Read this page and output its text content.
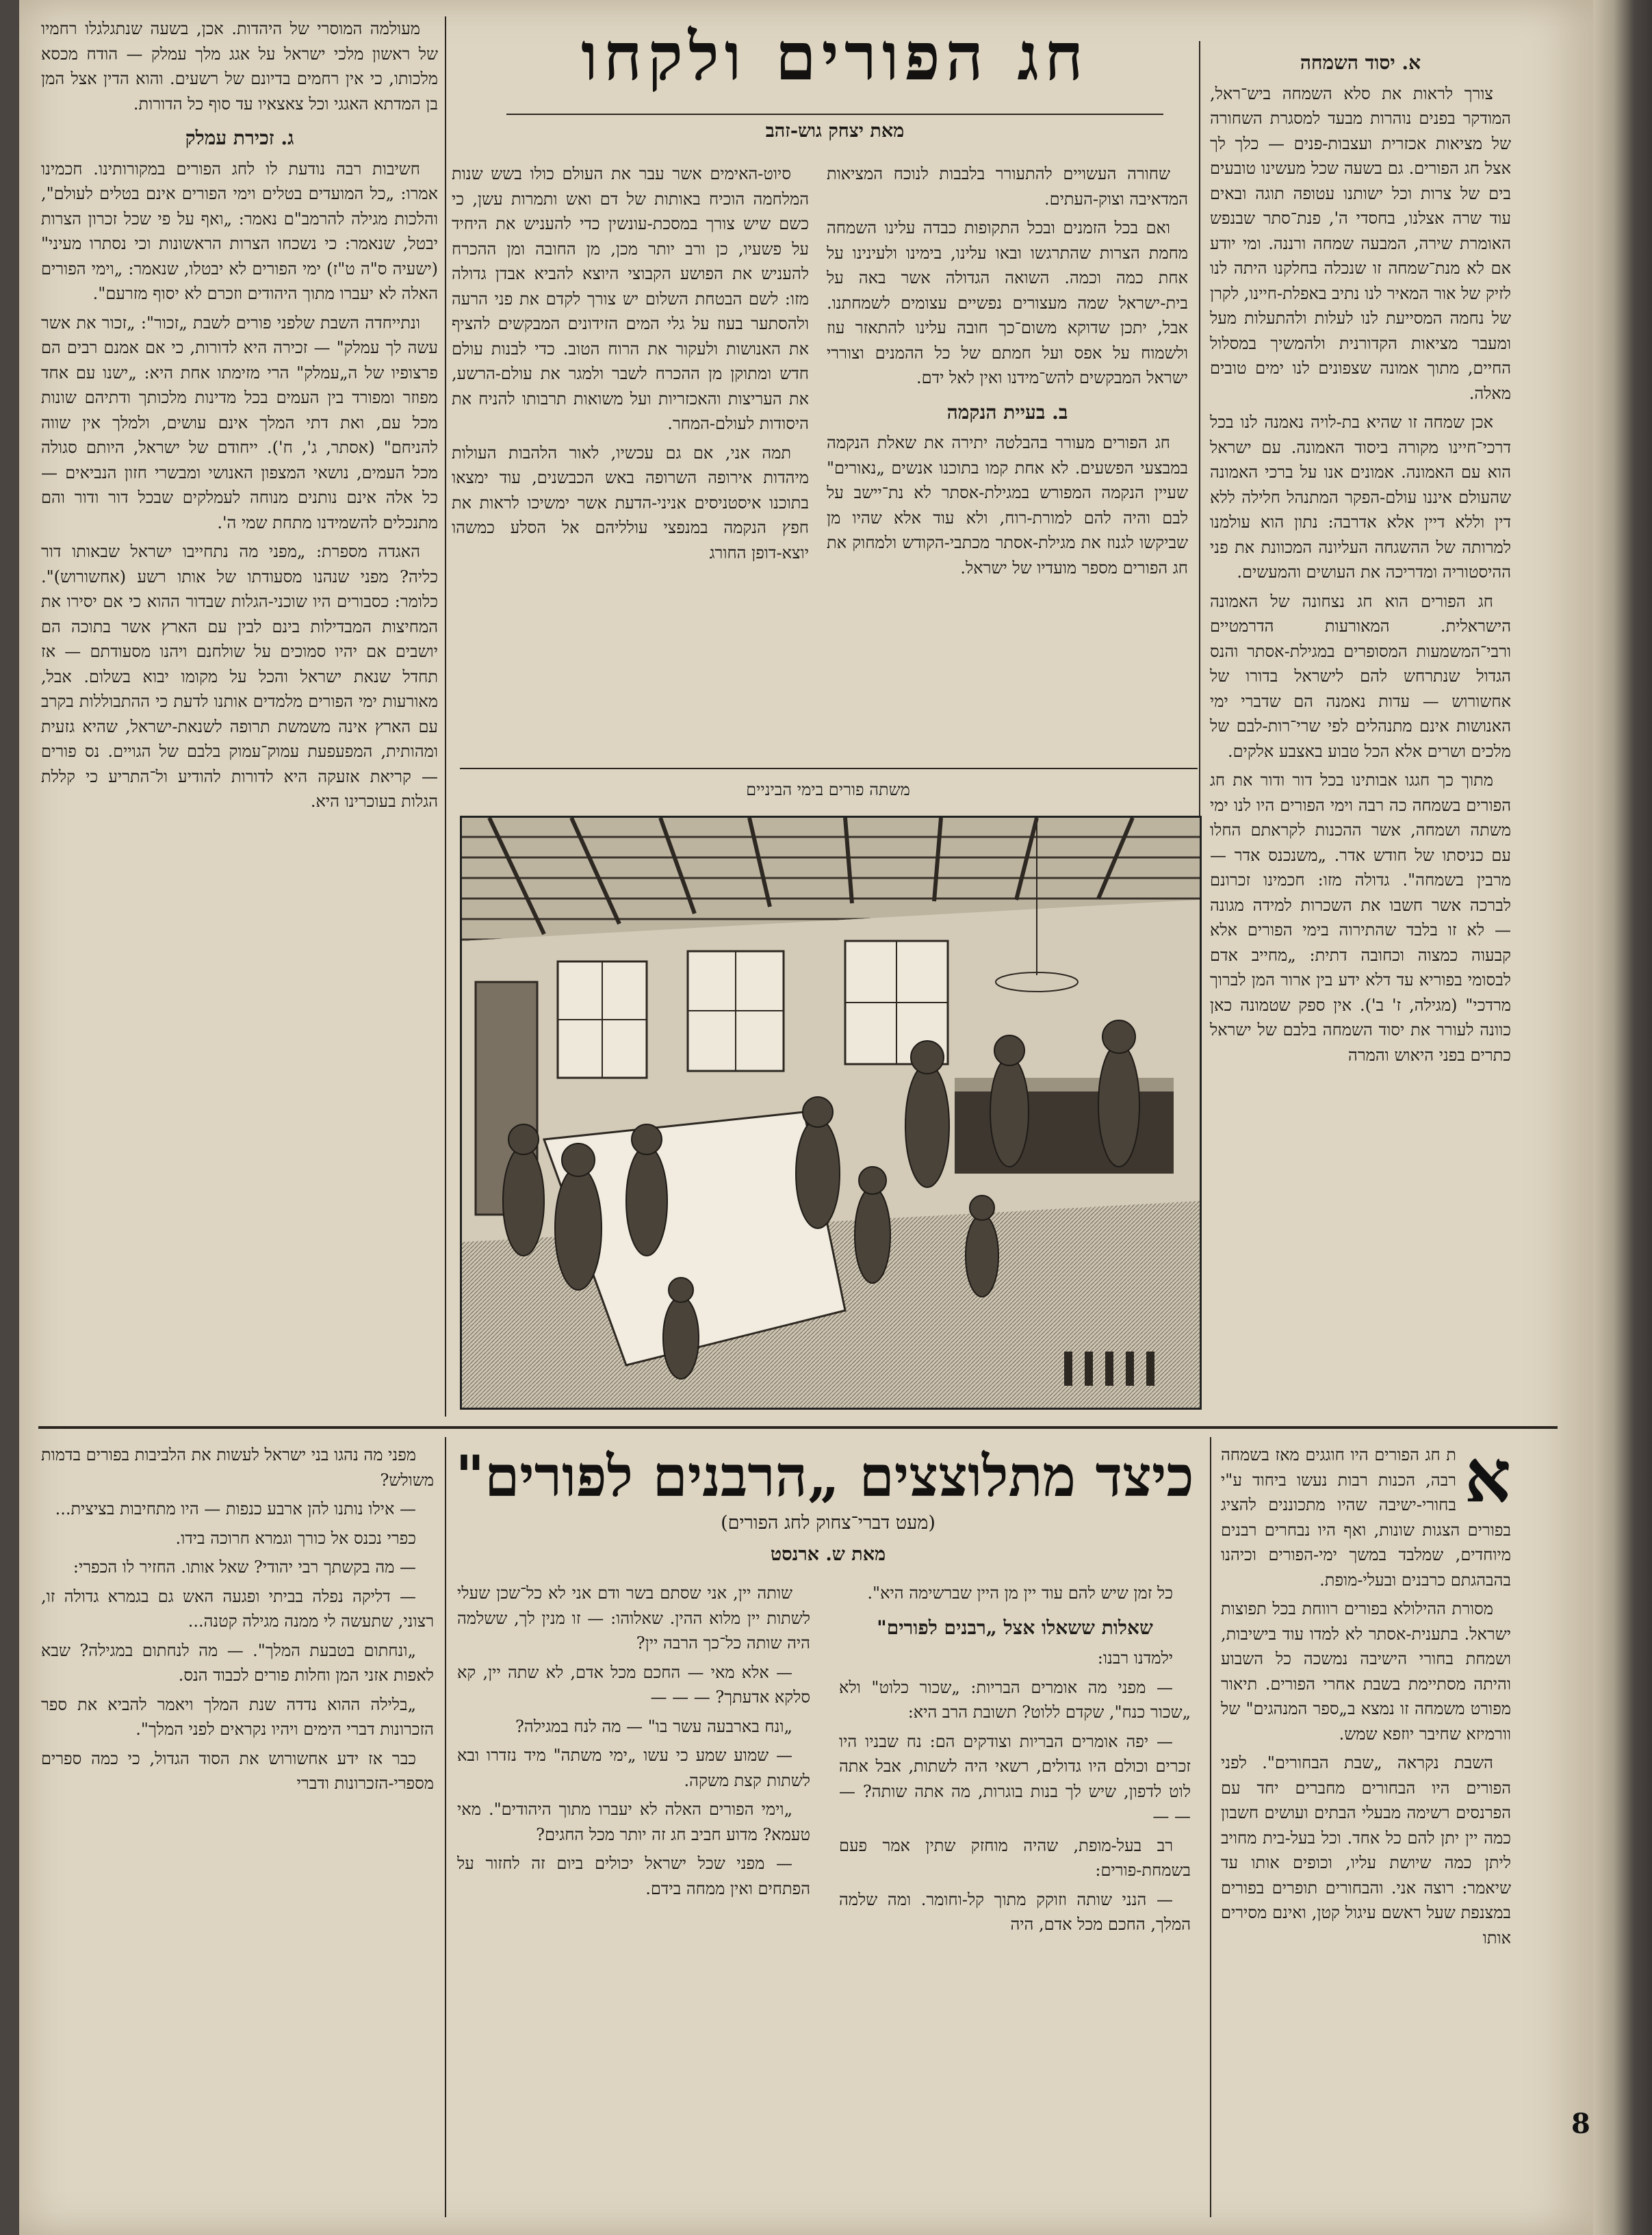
חג הפורים ולקחו
מאת יצחק גוש-זהב
א. יסוד השמחה

צורך לראות את סלא השמחה ביש־ראל, המודקר בפנים נוהרות מבעד למסגרת השחורה של מציאות אכזרית ועצבות-פנים — כלך לך אצל חג הפורים. גם בשעה שכל מעשינו טובעים בים של צרות וכל ישותנו עטופה תוגה ובאים עוד שרה אצלנו, בחסדי ה', פנת־סתר שבנפש האומרת שירה, המבעה שמחה ורננה. ומי יודע אם לא מנת־שמחה זו שנכלה בחלקנו היתה לנו לזיק של אור המאיר לנו נתיב באפלת-חיינו, לקרן של נחמה המסייעת לנו לעלות ולהתעלות מעל ומעבר מציאות הקדורנית ולהמשיך במסלול החיים, מתוך אמונה שצפונים לנו ימים טובים מאלה.

אכן שמחה זו שהיא בת-לויה נאמנה לנו בכל דרכי־חיינו מקורה ביסוד האמונה. עם ישראל הוא עם האמונה. אמונים אנו על ברכי האמונה שהעולם איננו עולם-הפקר המתנהל חלילה ללא דין וללא דיין אלא אדרבה: נתון הוא עולמנו למרותה של ההשגחה העליונה המכוונת את פני ההיסטוריה ומדריכה את העושים והמעשים.

חג הפורים הוא חג נצחונה של האמונה הישראלית. המאורעות הדרמטיים ורבי־המשמעות המסופרים במגילת-אסתר והנס הגדול שנתרחש להם לישראל בדורו של אחשורוש — עדות נאמנה הם שדברי ימי האנושות אינם מתנהלים לפי שרי־רות-לבם של מלכים ושרים אלא הכל טבוע באצבע אלקים.

מתוך כך חגגו אבותינו בכל דור ודור את חג הפורים בשמחה כה רבה וימי הפורים היו לנו ימי משתה ושמחה, אשר ההכנות לקראתם החלו עם כניסתו של חודש אדר. „משנכנס אדר — מרבין בשמחה". גדולה מזו: חכמינו זכרונם לברכה אשר חשבו את השכרות למידה מגונה — לא זו בלבד שהתירוה בימי הפורים אלא קבעוה כמצוה וכחובה דתית: „מחייב אדם לבסומי בפוריא עד דלא ידע בין ארור המן לברוך מרדכי" (מגילה, ז' ב'). אין ספק שטמונה כאן כוונה לעורר את יסוד השמחה בלבם של ישראל כתרים בפני היאוש והמרה

שחורה העשויים להתעורר בלבבות לנוכח המציאות המדאיבה וצוק-העתים.

ואם בכל הזמנים ובכל התקופות כבדה עלינו השמחה מחמת הצרות שהתרגשו ובאו עלינו, בימינו ולעינינו על אחת כמה וכמה. השואה הגדולה אשר באה על בית-ישראל שמה מעצורים נפשיים עצומים לשמחתנו. אבל, יתכן שדוקא משום־כך חובה עלינו להתאזר עוז ולשמוח על אפס ועל חמתם של כל ההמנים וצוררי ישראל המבקשים להש־מידנו ואין לאל ידם.

ב. בעיית הנקמה

חג הפורים מעורר בהבלטה יתירה את שאלת הנקמה במבצעי הפשעים. לא אחת קמו בתוכנו אנשים „נאורים" שעיין הנקמה המפורש במגילת-אסתר לא נת־יישב על לבם והיה להם למורת-רוח, ולא עוד אלא שהיו מן שביקשו לגנוז את מגילת-אסתר מכתבי-הקודש ולמחוק את חג הפורים מספר מועדיו של ישראל.

סיוט-האימים אשר עבר את העולם כולו בשש שנות המלחמה הוכיח באותות של דם ואש ותמרות עשן, כי כשם שיש צורך במסכת-עונשין כדי להעניש את היחיד על פשעיו, כן ורב יותר מכן, מן החובה ומן ההכרח להעניש את הפושע הקבוצי היוצא להביא אבדן גדולה מזו: לשם הבטחת השלום יש צורך לקדם את פני הרעה ולהסתער בעוז על גלי המים הזידונים המבקשים להציף את האנושות ולעקור את הרוח הטוב. כדי לבנות עולם חדש ומתוקן מן ההכרח לשבר ולמגר את עולם-הרשע, את העריצות והאכזריות ועל משואות תרבותו להניח את היסודות לעולם-המחר.

תמה אני, אם גם עכשיו, לאור הלהבות העולות מיהדות אירופה השרופה באש הכבשנים, עוד ימצאו בתוכנו איסטניסים אניני-הדעת אשר ימשיכו לראות את חפץ הנקמה במנפצי עולליהם אל הסלע כמשהו יוצא-דופן החורג

מעולמה המוסרי של היהדות. אכן, בשעה שנתגלגלו רחמיו של ראשון מלכי ישראל על אגג מלך עמלק — הודח מכסא מלכותו, כי אין רחמים בדיונם של רשעים. והוא הדין אצל המן בן המדתא האגגי וכל צאצאיו עד סוף כל הדורות.

ג. זכירת עמלק

חשיבות רבה נודעת לו לחג הפורים במקורותינו. חכמינו אמרו: „כל המועדים בטלים וימי הפורים אינם בטלים לעולם", והלכות מגילה להרמב"ם נאמר: „ואף על פי שכל זכרון הצרות יבטל, שנאמר: כי נשכחו הצרות הראשונות וכי נסתרו מעיני" (ישעיה ס"ה ט"ז) ימי הפורים לא יבטלו, שנאמר: „וימי הפורים האלה לא יעברו מתוך היהודים וזכרם לא יסוף מזרעם".

ונתייחדה השבת שלפני פורים לשבת „זכור": „זכור את אשר עשה לך עמלק" — זכירה היא לדורות, כי אם אמנם רבים הם פרצופיו של ה„עמלק" הרי מזימתו אחת היא: „ישנו עם אחד מפוזר ומפורד בין העמים בכל מדינות מלכותך ודתיהם שונות מכל עם, ואת דתי המלך אינם עושים, ולמלך אין שווה להניחם" (אסתר, ג', ח'). ייחודם של ישראל, היותם סגולה מכל העמים, נושאי המצפון האנושי ומבשרי חזון הנביאים — כל אלה אינם נותנים מנוחה לעמלקים שבכל דור ודור והם מתנכלים להשמידנו מתחת שמי ה'.

האגדה מספרת: „מפני מה נתחייבו ישראל שבאותו דור כליה? מפני שנהנו מסעודתו של אותו רשע (אחשורוש)". כלומר: כסבורים היו שוכני-הגלות שבדור ההוא כי אם יסירו את המחיצות המבדילות בינם לבין עם הארץ אשר בתוכה הם יושבים אם יהיו סמוכים על שולחנם ויהנו מסעודתם — אז תחדל שנאת ישראל והכל על מקומו יבוא בשלום. אבל, מאורעות ימי הפורים מלמדים אותנו לדעת כי ההתבוללות בקרב עם הארץ אינה משמשת תרופה לשנאת-ישראל, שהיא גזעית ומהותית, המפעפעת עמוק־עמוק בלבם של הגויים. נס פורים — קריאת אזעקה היא לדורות להודיע ול־התריע כי קללת הגלות בעוכרינו היא.

משתה פורים בימי הביניים
כיצד מתלוצצים „הרבנים לפורים"
(מעט דברי־צחוק לחג הפורים)
מאת ש. ארנסט

א
ת חג הפורים היו חוגגים מאז בשמחה רבה, הכנות רבות נעשו ביחוד ע"י בחורי-ישיבה שהיו מתכוננים להציג בפורים הצגות שונות, ואף היו נבחרים רבנים מיוחדים, שמלבד במשך ימי-הפורים וכיהנו בהבהגתם כרבנים ובעלי-מופת.

מסורת ההילולא בפורים רווחת בכל תפוצות ישראל. בתענית-אסתר לא למדו עוד בישיבות, ושמחת בחורי הישיבה נמשכה כל השבוע והיתה מסתיימת בשבת אחרי הפורים. תיאור מפורט משמחה זו נמצא ב„ספר המנהגים" של וורמיזא שחיבר יוזפא שמש.

השבת נקראה „שבת הבחורים". לפני הפורים היו הבחורים מחברים יחד עם הפרנסים רשימה מבעלי הבתים ועושים חשבון כמה יין יתן להם כל אחד. וכל בעל-בית מחויב ליתן כמה שיושת עליו, וכופים אותו עד שיאמר: רוצה אני. והבחורים תופרים בפורים במצנפת שעל ראשם עיגול קטן, ואינם מסירים אותו

כל זמן שיש להם עוד יין מן היין שברשימה היא".

שאלות ששאלו אצל „רבנים לפורים"

ילמדנו רבנו:

— מפני מה אומרים הבריות: „שכור כלוט" ולא „שכור כנח", שקדם ללוט? תשובת הרב היא:

— יפה אומרים הבריות וצודקים הם: נח שבניו היו זכרים וכולם היו גדולים, רשאי היה לשתות, אבל אתה לוט לדפון, שיש לך בנות בוגרות, מה אתה שותה? — — —

רב בעל-מופת, שהיה מוחזק שתין אמר פעם בשמחת-פורים:

— הנני שותה וזוקק מתוך קל-וחומר. ומה שלמה המלך, החכם מכל אדם, היה

שותה יין, אני שסתם בשר ודם אני לא כל־שכן שעלי לשתות יין מלוא ההין. שאלוהו: — זו מנין לך, ששלמה היה שותה כל־כך הרבה יין?

— אלא מאי — החכם מכל אדם, לא שתה יין, קא סלקא אדעתך? — — —

„ונח בארבעה עשר בו" — מה לנח במגילה?

— שמוע שמע כי עשו „ימי משתה" מיד נזדרו ובא לשתות קצת משקה.

„וימי הפורים האלה לא יעברו מתוך היהודים". מאי טעמא? מדוע חביב חג זה יותר מכל החגים?

— מפני שכל ישראל יכולים ביום זה לחזור על הפתחים ואין ממחה בידם.

מפני מה נהגו בני ישראל לעשות את הלביבות בפורים בדמות משולש?

— אילו נותנו להן ארבע כנפות — היו מתחיבות בציצית...

כפרי נכנס אל כורך וגמרא חרוכה בידו.

— מה בקשתך רבי יהודי? שאל אותו. החזיר לו הכפרי:

— דליקה נפלה בביתי ופגעה האש גם בגמרא גדולה זו, רצוני, שתעשה לי ממנה מגילה קטנה...

„ונחתום בטבעת המלך". — מה לנחתום במגילה? שבא לאפות אזני המן וחלות פורים לכבוד הנס.

„בלילה ההוא נדדה שנת המלך ויאמר להביא את ספר הזכרונות דברי הימים ויהיו נקראים לפני המלך".

כבר אז ידע אחשורוש את הסוד הגדול, כי כמה ספרים מספרי-הזכרונות ודברי

8
